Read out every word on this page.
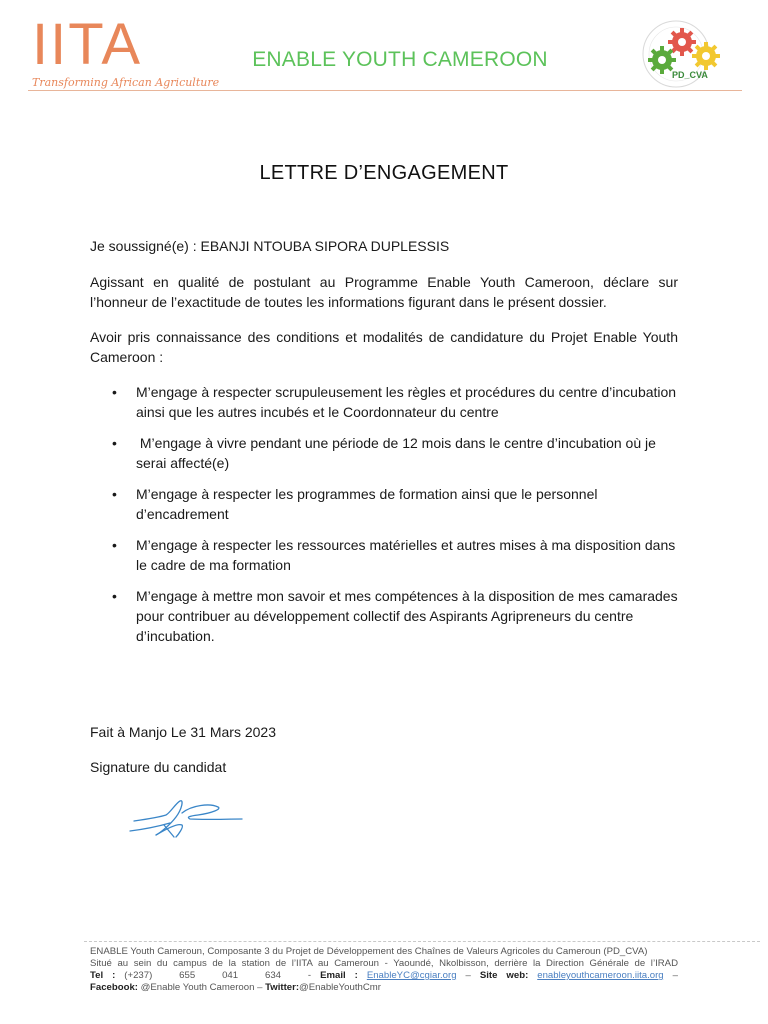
IITA
Transforming African Agriculture
ENABLE YOUTH CAMEROON
PD_CVA
LETTRE D’ENGAGEMENT
Je soussigné(e) : EBANJI NTOUBA SIPORA DUPLESSIS
Agissant en qualité de postulant au Programme Enable Youth Cameroon, déclare sur l’honneur de l’exactitude de toutes les informations figurant dans le présent dossier.
Avoir pris connaissance des conditions et modalités de candidature du Projet Enable Youth Cameroon :
• M’engage à respecter scrupuleusement les règles et procédures du centre d’incubation ainsi que les autres incubés et le Coordonnateur du centre
• M’engage à vivre pendant une période de 12 mois dans le centre d’incubation où je serai affecté(e)
• M’engage à respecter les programmes de formation ainsi que le personnel d’encadrement
• M’engage à respecter les ressources matérielles et autres mises à ma disposition dans le cadre de ma formation
• M’engage à mettre mon savoir et mes compétences à la disposition de mes camarades pour contribuer au développement collectif des Aspirants Agripreneurs du centre d’incubation.
Fait à Manjo Le 31 Mars 2023
Signature du candidat
ENABLE Youth Cameroun, Composante 3 du Projet de Développement des Chaînes de Valeurs Agricoles du Cameroun (PD_CVA)
Situé au sein du campus de la station de l’IITA au Cameroun - Yaoundé, Nkolbisson, derrière la Direction Générale de l’IRAD
Tel : (+237)   655   041   634   - Email : EnableYC@cgiar.org – Site web: enableyouthcameroon.iita.org –
Facebook: @Enable Youth Cameroon – Twitter:@EnableYouthCmr
